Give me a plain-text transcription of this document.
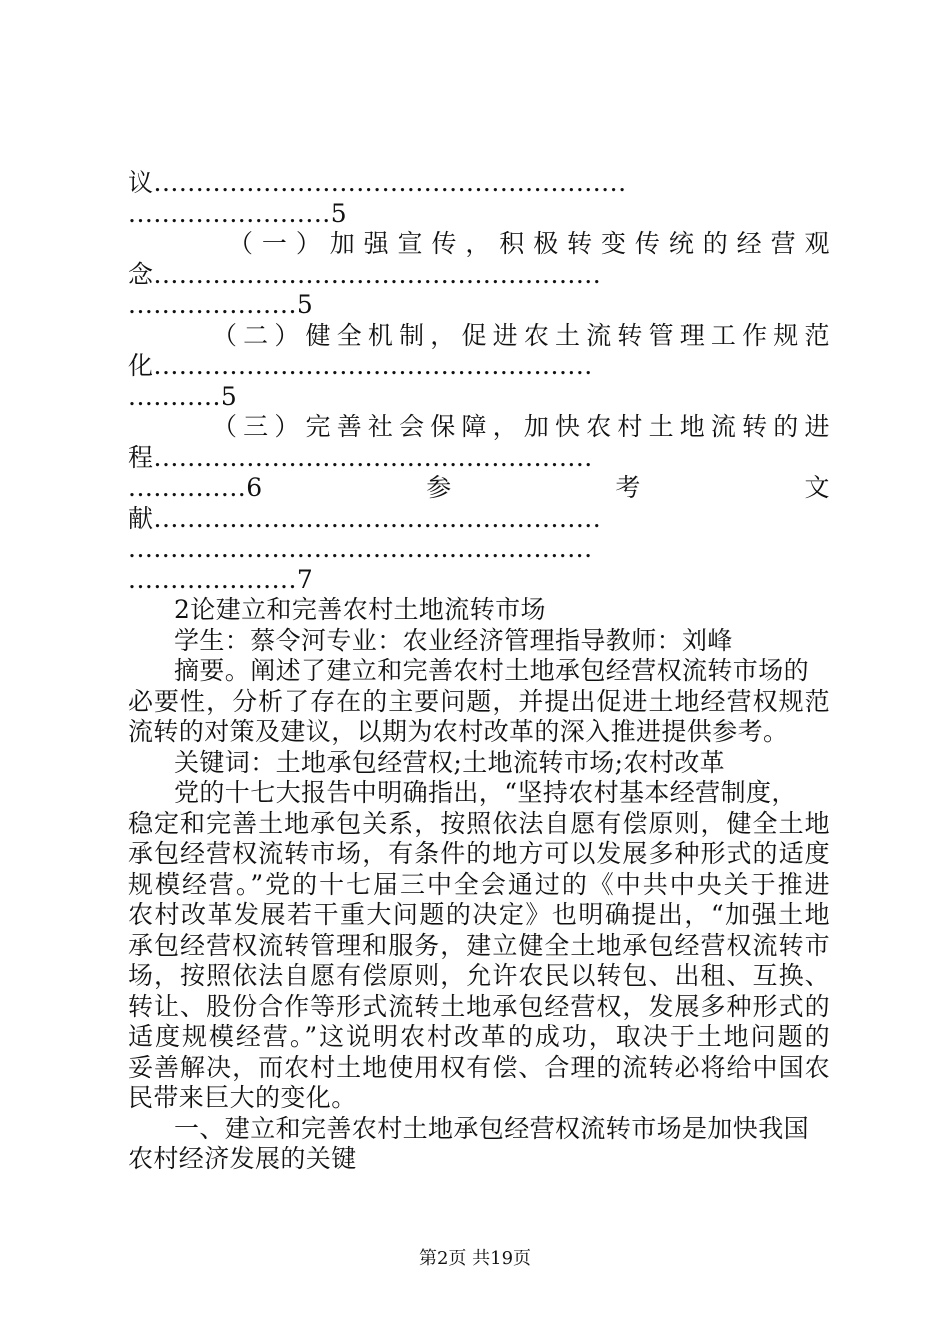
议........................................................
........................5
（一）加强宣传，积极转变传统的经营观
念.....................................................
....................5
（二）健全机制，促进农土流转管理工作规范
化....................................................
...........5
（三）完善社会保障，加快农村土地流转的进
程....................................................
..............6	参	考	文
献.....................................................
.......................................................
....................7
2论建立和完善农村土地流转市场
学生：蔡令河专业：农业经济管理指导教师：刘峰
摘要。阐述了建立和完善农村土地承包经营权流转市场的
必要性，分析了存在的主要问题，并提出促进土地经营权规范
流转的对策及建议，以期为农村改革的深入推进提供参考。
关键词：土地承包经营权;土地流转市场;农村改革
党的十七大报告中明确指出，“坚持农村基本经营制度，
稳定和完善土地承包关系，按照依法自愿有偿原则，健全土地
承包经营权流转市场，有条件的地方可以发展多种形式的适度
规模经营。”党的十七届三中全会通过的《中共中央关于推进
农村改革发展若干重大问题的决定》也明确提出，“加强土地
承包经营权流转管理和服务，建立健全土地承包经营权流转市
场，按照依法自愿有偿原则，允许农民以转包、出租、互换、
转让、股份合作等形式流转土地承包经营权，发展多种形式的
适度规模经营。”这说明农村改革的成功，取决于土地问题的
妥善解决，而农村土地使用权有偿、合理的流转必将给中国农
民带来巨大的变化。
一、建立和完善农村土地承包经营权流转市场是加快我国
农村经济发展的关键
第2页 共19页
